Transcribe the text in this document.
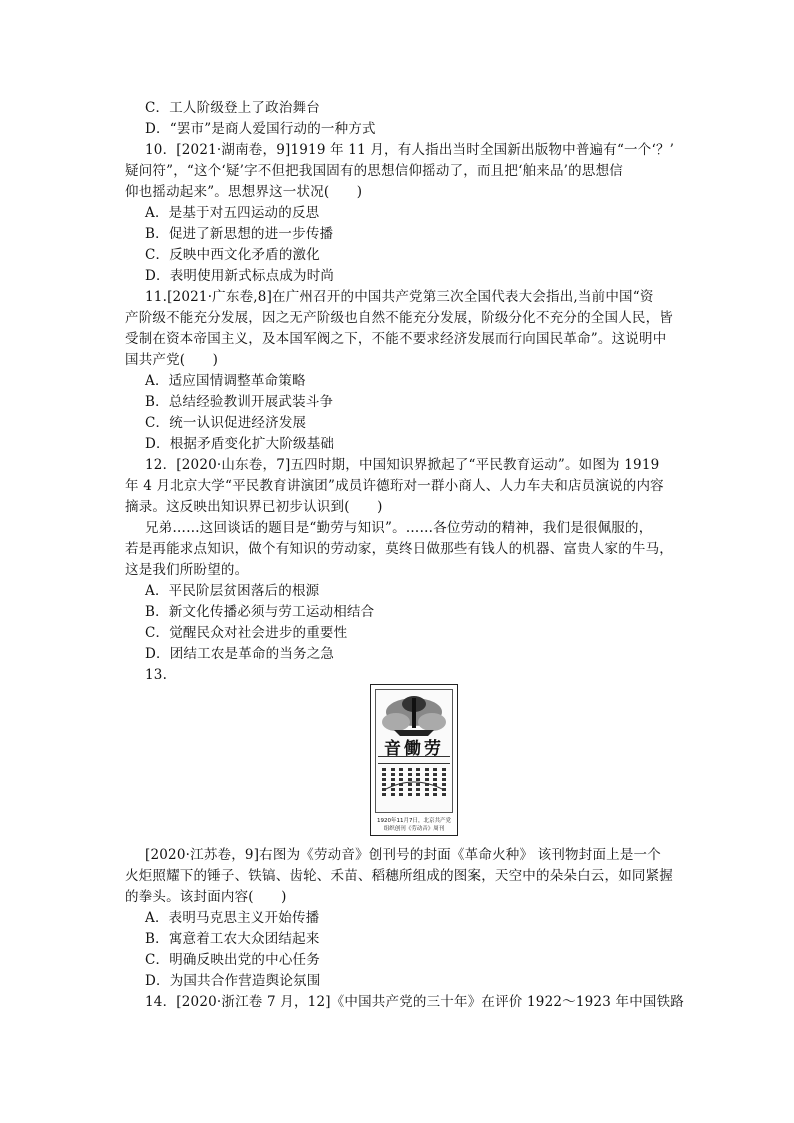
C．工人阶级登上了政治舞台
D．“罢市”是商人爱国行动的一种方式
10．[2021·湖南卷，9]1919 年 11 月，有人指出当时全国新出版物中普遍有“一个‘？’
疑问符”，“这个‘疑’字不但把我国固有的思想信仰摇动了，而且把‘舶来品’的思想信
仰也摇动起来”。思想界这一状况(　　)
A．是基于对五四运动的反思
B．促进了新思想的进一步传播
C．反映中西文化矛盾的激化
D．表明使用新式标点成为时尚
11.[2021·广东卷,8]在广州召开的中国共产党第三次全国代表大会指出,当前中国“资
产阶级不能充分发展，因之无产阶级也自然不能充分发展，阶级分化不充分的全国人民，皆
受制在资本帝国主义，及本国军阀之下，不能不要求经济发展而行向国民革命”。这说明中
国共产党(　　)
A．适应国情调整革命策略
B．总结经验教训开展武装斗争
C．统一认识促进经济发展
D．根据矛盾变化扩大阶级基础
12．[2020·山东卷，7]五四时期，中国知识界掀起了“平民教育运动”。如图为 1919
年 4 月北京大学“平民教育讲演团”成员许德珩对一群小商人、人力车夫和店员演说的内容
摘录。这反映出知识界已初步认识到(　　)
兄弟……这回谈话的题目是“勤劳与知识”。……各位劳动的精神，我们是很佩服的，
若是再能求点知识，做个有知识的劳动家，莫终日做那些有钱人的机器、富贵人家的牛马，
这是我们所盼望的。
A．平民阶层贫困落后的根源
B．新文化传播必须与劳工运动相结合
C．觉醒民众对社会进步的重要性
D．团结工农是革命的当务之急
13.
音働劳
1920年11月7日，北京共产党
组织创刊《劳动音》周刊
[2020·江苏卷，9]右图为《劳动音》创刊号的封面《革命火种》 该刊物封面上是一个
火炬照耀下的锤子、铁镐、齿轮、禾苗、稻穗所组成的图案，天空中的朵朵白云，如同紧握
的拳头。该封面内容(　　)
A．表明马克思主义开始传播
B．寓意着工农大众团结起来
C．明确反映出党的中心任务
D．为国共合作营造舆论氛围
14．[2020·浙江卷 7 月，12]《中国共产党的三十年》在评价 1922～1923 年中国铁路
